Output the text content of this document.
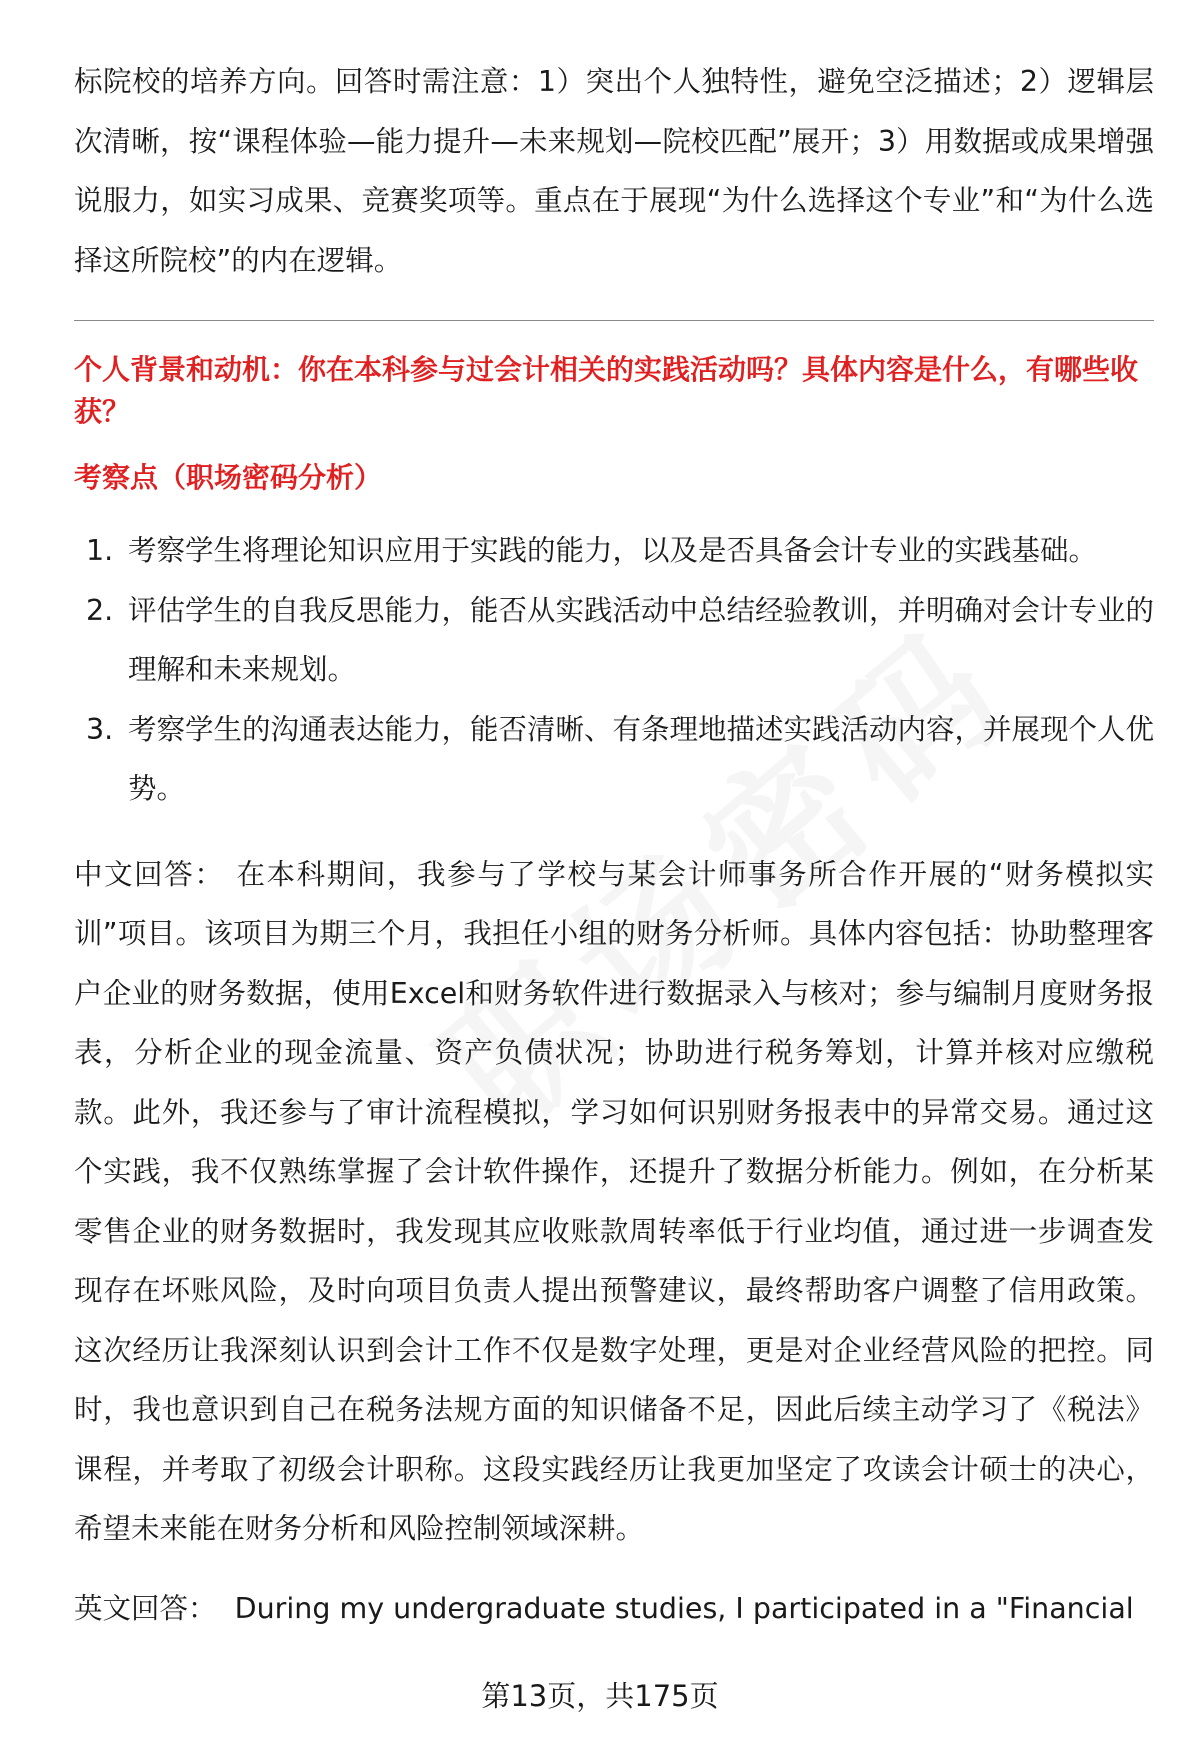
标院校的培养方向。回答时需注意：1）突出个人独特性，避免空泛描述；2）逻辑层次清晰，按“课程体验—能力提升—未来规划—院校匹配”展开；3）用数据或成果增强说服力，如实习成果、竞赛奖项等。重点在于展现“为什么选择这个专业”和“为什么选择这所院校”的内在逻辑。

个人背景和动机：你在本科参与过会计相关的实践活动吗？具体内容是什么，有哪些收获？
考察点（职场密码分析）
1. 考察学生将理论知识应用于实践的能力，以及是否具备会计专业的实践基础。
2. 评估学生的自我反思能力，能否从实践活动中总结经验教训，并明确对会计专业的理解和未来规划。
3. 考察学生的沟通表达能力，能否清晰、有条理地描述实践活动内容，并展现个人优势。

中文回答： 在本科期间，我参与了学校与某会计师事务所合作开展的“财务模拟实训”项目。该项目为期三个月，我担任小组的财务分析师。具体内容包括：协助整理客户企业的财务数据，使用Excel和财务软件进行数据录入与核对；参与编制月度财务报表，分析企业的现金流量、资产负债状况；协助进行税务筹划，计算并核对应缴税款。此外，我还参与了审计流程模拟，学习如何识别财务报表中的异常交易。通过这个实践，我不仅熟练掌握了会计软件操作，还提升了数据分析能力。例如，在分析某零售企业的财务数据时，我发现其应收账款周转率低于行业均值，通过进一步调查发现存在坏账风险，及时向项目负责人提出预警建议，最终帮助客户调整了信用政策。这次经历让我深刻认识到会计工作不仅是数字处理，更是对企业经营风险的把控。同时，我也意识到自己在税务法规方面的知识储备不足，因此后续主动学习了《税法》课程，并考取了初级会计职称。这段实践经历让我更加坚定了攻读会计硕士的决心，希望未来能在财务分析和风险控制领域深耕。

英文回答： During my undergraduate studies, I participated in a "Financial
第13页，共175页
